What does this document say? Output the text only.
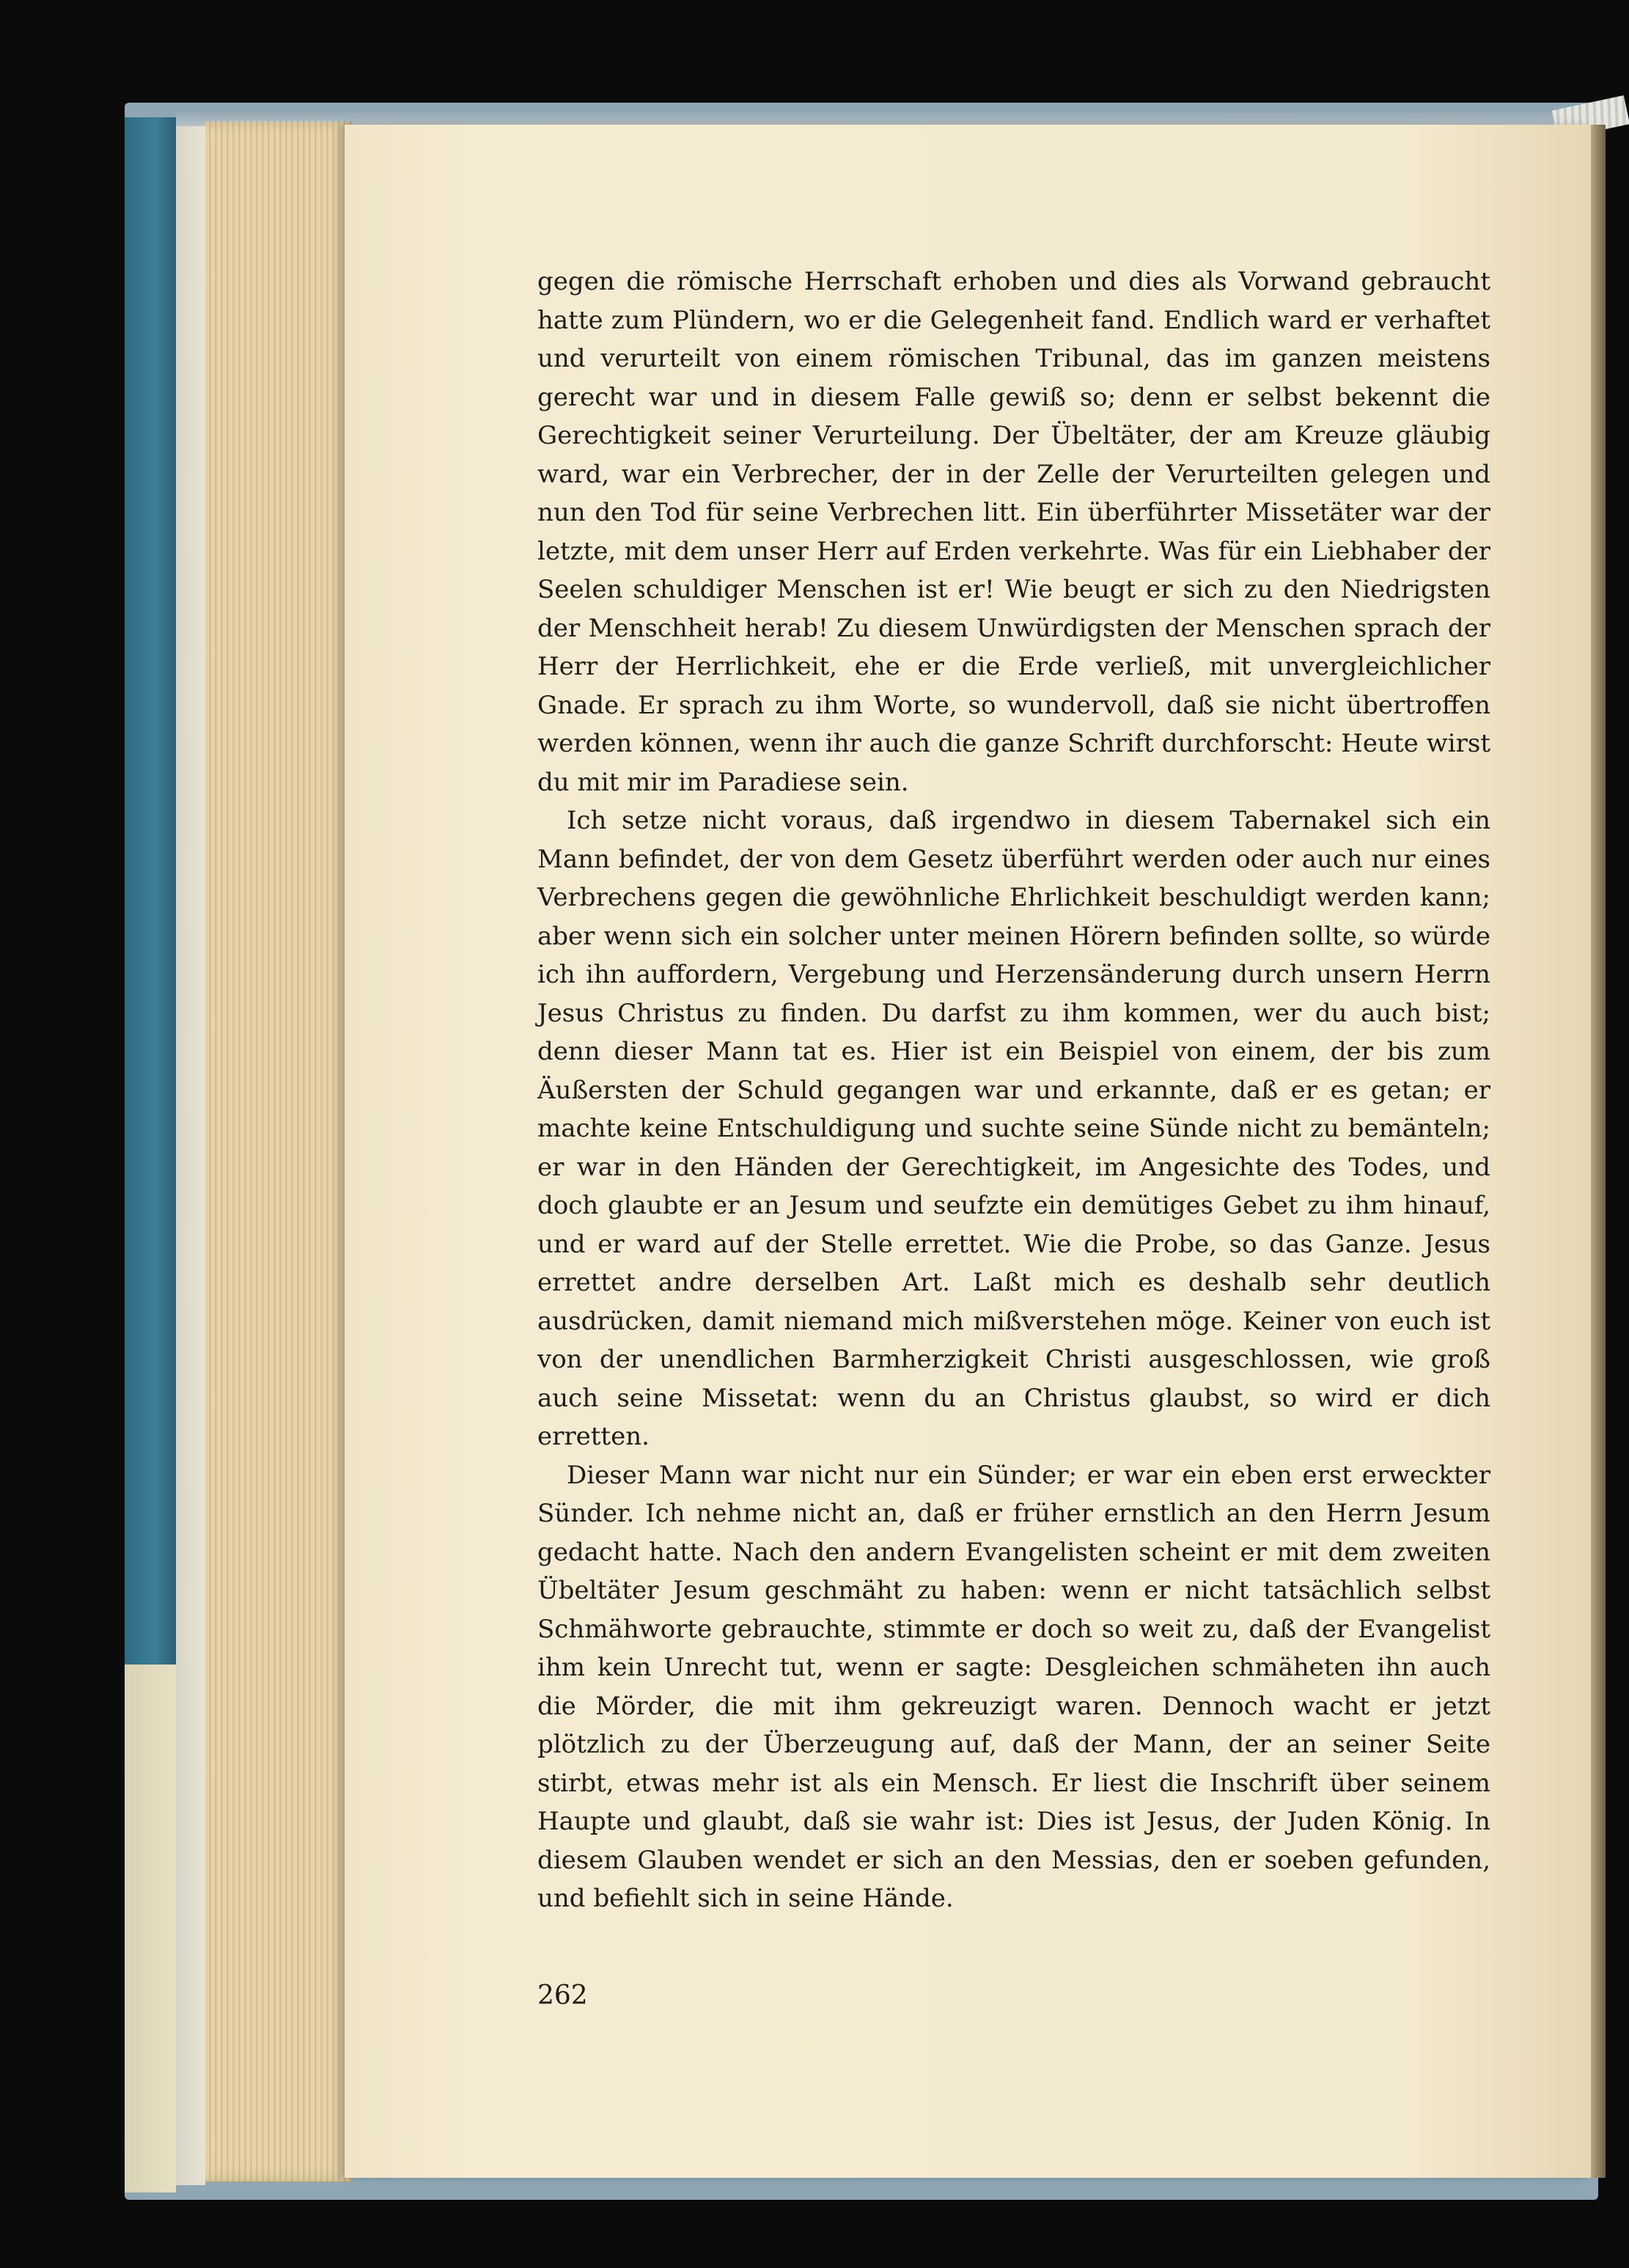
gegen die römische Herrschaft erhoben und dies als Vorwand gebraucht hatte zum Plündern, wo er die Gelegenheit fand. Endlich ward er verhaftet und verurteilt von einem römischen Tribunal, das im ganzen meistens gerecht war und in diesem Falle gewiß so; denn er selbst bekennt die Gerechtigkeit seiner Verurteilung. Der Übeltäter, der am Kreuze gläubig ward, war ein Verbrecher, der in der Zelle der Verurteilten gelegen und nun den Tod für seine Verbrechen litt. Ein überführter Missetäter war der letzte, mit dem unser Herr auf Erden verkehrte. Was für ein Liebhaber der Seelen schuldiger Menschen ist er! Wie beugt er sich zu den Niedrigsten der Menschheit herab! Zu diesem Unwürdigsten der Menschen sprach der Herr der Herrlichkeit, ehe er die Erde verließ, mit unvergleichlicher Gnade. Er sprach zu ihm Worte, so wundervoll, daß sie nicht übertroffen werden können, wenn ihr auch die ganze Schrift durchforscht: Heute wirst du mit mir im Paradiese sein.

Ich setze nicht voraus, daß irgendwo in diesem Tabernakel sich ein Mann befindet, der von dem Gesetz überführt werden oder auch nur eines Verbrechens gegen die gewöhnliche Ehrlichkeit beschuldigt werden kann; aber wenn sich ein solcher unter meinen Hörern befinden sollte, so würde ich ihn auffordern, Vergebung und Herzensänderung durch unsern Herrn Jesus Christus zu finden. Du darfst zu ihm kommen, wer du auch bist; denn dieser Mann tat es. Hier ist ein Beispiel von einem, der bis zum Äußersten der Schuld gegangen war und erkannte, daß er es getan; er machte keine Entschuldigung und suchte seine Sünde nicht zu bemänteln; er war in den Händen der Gerechtigkeit, im Angesichte des Todes, und doch glaubte er an Jesum und seufzte ein demütiges Gebet zu ihm hinauf, und er ward auf der Stelle errettet. Wie die Probe, so das Ganze. Jesus errettet andre derselben Art. Laßt mich es deshalb sehr deutlich ausdrücken, damit niemand mich mißverstehen möge. Keiner von euch ist von der unendlichen Barmherzigkeit Christi ausgeschlossen, wie groß auch seine Missetat: wenn du an Christus glaubst, so wird er dich erretten.

Dieser Mann war nicht nur ein Sünder; er war ein eben erst erweckter Sünder. Ich nehme nicht an, daß er früher ernstlich an den Herrn Jesum gedacht hatte. Nach den andern Evangelisten scheint er mit dem zweiten Übeltäter Jesum geschmäht zu haben: wenn er nicht tatsächlich selbst Schmähworte gebrauchte, stimmte er doch so weit zu, daß der Evangelist ihm kein Unrecht tut, wenn er sagte: Desgleichen schmäheten ihn auch die Mörder, die mit ihm gekreuzigt waren. Dennoch wacht er jetzt plötzlich zu der Überzeugung auf, daß der Mann, der an seiner Seite stirbt, etwas mehr ist als ein Mensch. Er liest die Inschrift über seinem Haupte und glaubt, daß sie wahr ist: Dies ist Jesus, der Juden König. In diesem Glauben wendet er sich an den Messias, den er soeben gefunden, und befiehlt sich in seine Hände.

262
